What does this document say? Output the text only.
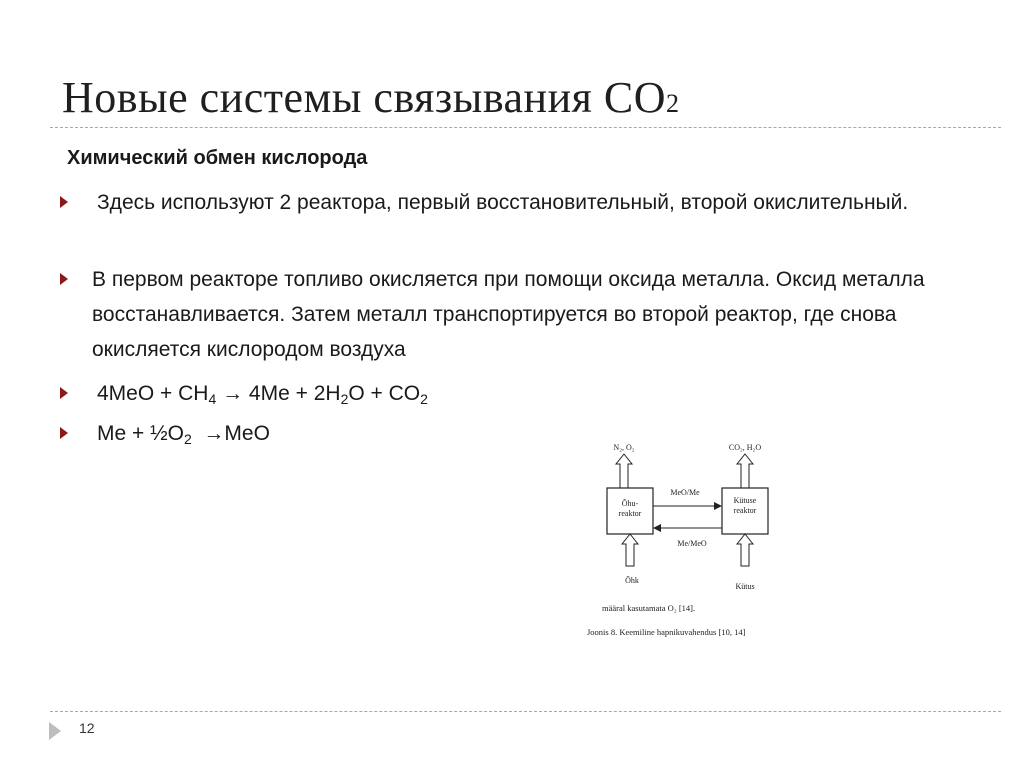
Новые системы связывания CO2
Химический обмен кислорода
Здесь используют 2 реактора, первый восстановительный, второй окислительный.
В первом реакторе топливо окисляется при помощи оксида металла. Оксид металла восстанавливается. Затем металл транспортируется во второй реактор, где снова окисляется кислородом воздуха
$4MeO + CH_4 \to 4Me + 2H_2O + CO_2$
$Me + \frac{1}{2}O_2 \to MeO$
N₂, O₂	CO₂, H₂O
Õhu-
reaktor
Kütuse
reaktor
MeO/Me
Me/MeO
Õhk
Kütus
määral kasutamata O₂ [14].
Joonis 8. Keemiline hapnikuvahendus [10, 14]
12
